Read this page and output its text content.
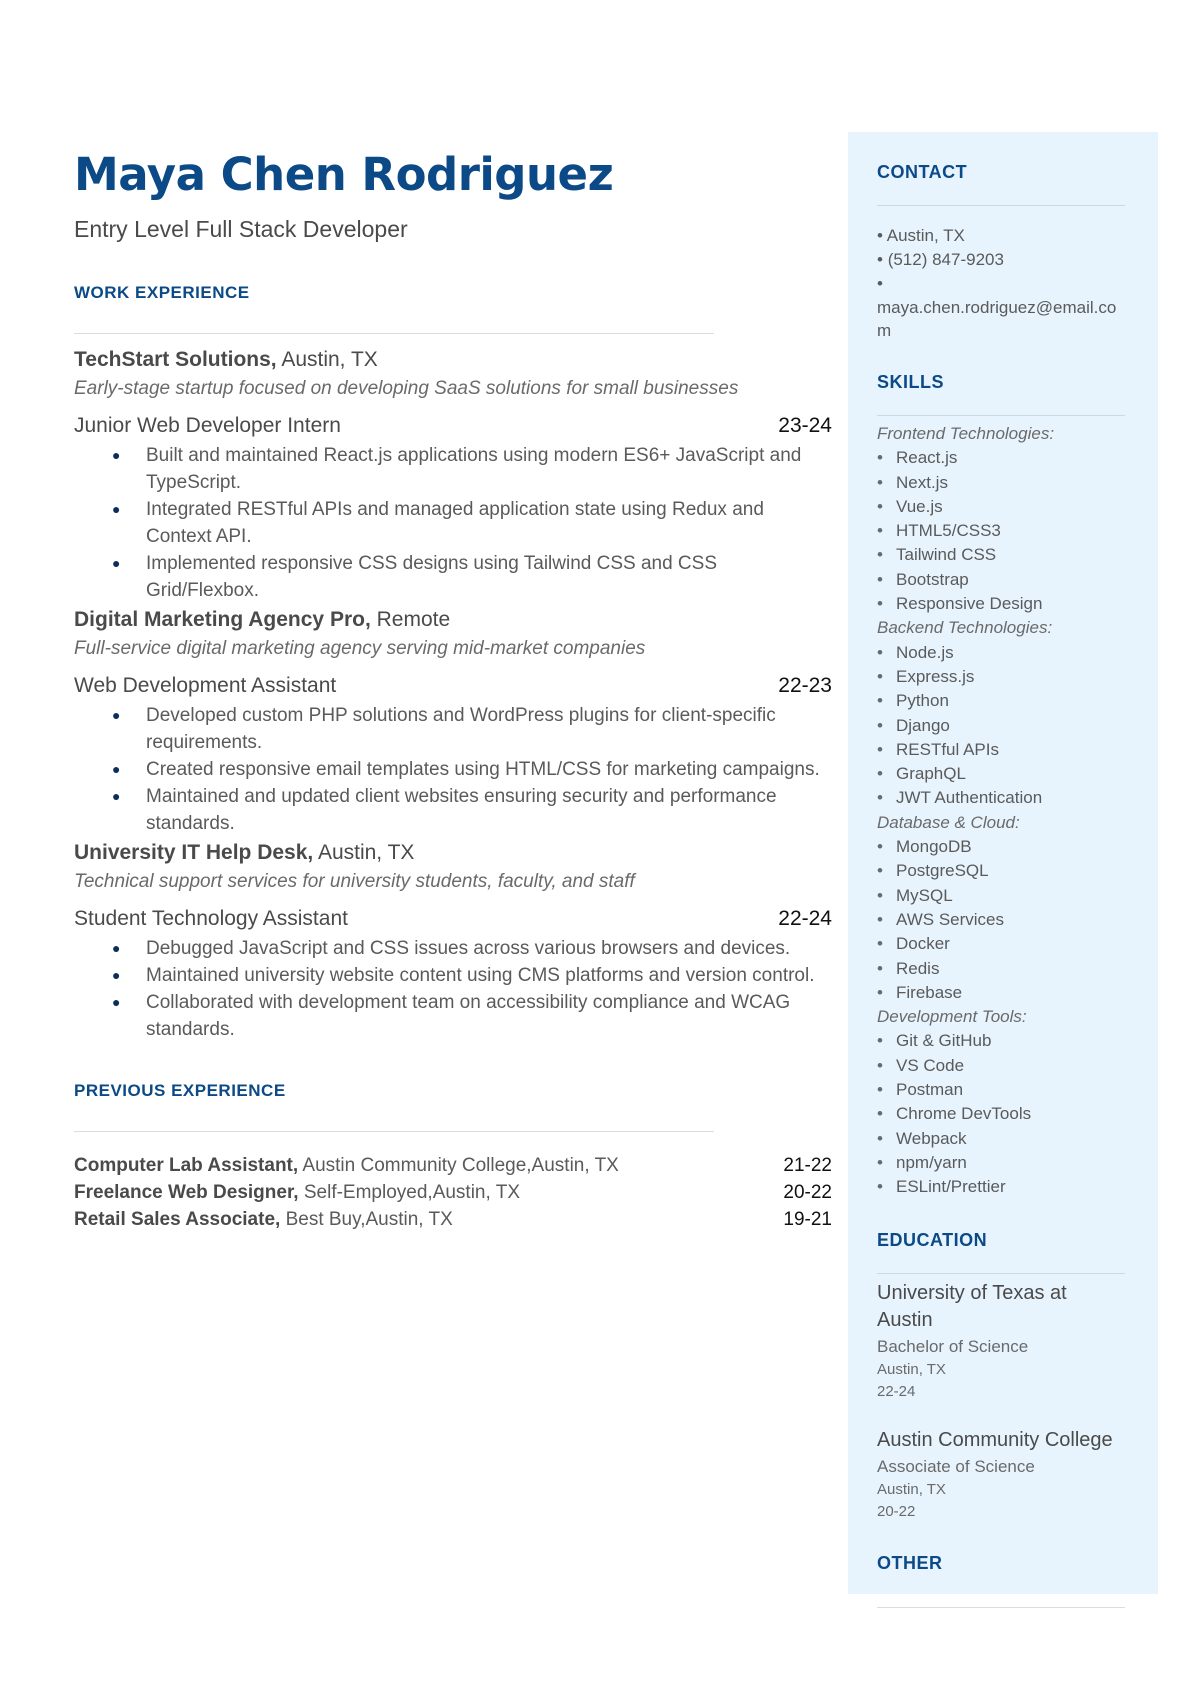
Maya Chen Rodriguez
Entry Level Full Stack Developer
WORK EXPERIENCE
TechStart Solutions, Austin, TX
Early-stage startup focused on developing SaaS solutions for small businesses
Junior Web Developer Intern	23-24
● Built and maintained React.js applications using modern ES6+ JavaScript and TypeScript.
● Integrated RESTful APIs and managed application state using Redux and Context API.
● Implemented responsive CSS designs using Tailwind CSS and CSS Grid/Flexbox.
Digital Marketing Agency Pro, Remote
Full-service digital marketing agency serving mid-market companies
Web Development Assistant	22-23
● Developed custom PHP solutions and WordPress plugins for client-specific requirements.
● Created responsive email templates using HTML/CSS for marketing campaigns.
● Maintained and updated client websites ensuring security and performance standards.
University IT Help Desk, Austin, TX
Technical support services for university students, faculty, and staff
Student Technology Assistant	22-24
● Debugged JavaScript and CSS issues across various browsers and devices.
● Maintained university website content using CMS platforms and version control.
● Collaborated with development team on accessibility compliance and WCAG standards.
PREVIOUS EXPERIENCE
Computer Lab Assistant, Austin Community College,Austin, TX	21-22
Freelance Web Designer, Self-Employed,Austin, TX	20-22
Retail Sales Associate, Best Buy,Austin, TX	19-21
CONTACT
• Austin, TX
• (512) 847-9203
•
maya.chen.rodriguez@email.com
SKILLS
Frontend Technologies:
• React.js
• Next.js
• Vue.js
• HTML5/CSS3
• Tailwind CSS
• Bootstrap
• Responsive Design
Backend Technologies:
• Node.js
• Express.js
• Python
• Django
• RESTful APIs
• GraphQL
• JWT Authentication
Database & Cloud:
• MongoDB
• PostgreSQL
• MySQL
• AWS Services
• Docker
• Redis
• Firebase
Development Tools:
• Git & GitHub
• VS Code
• Postman
• Chrome DevTools
• Webpack
• npm/yarn
• ESLint/Prettier
EDUCATION
University of Texas at Austin
Bachelor of Science
Austin, TX
22-24
Austin Community College
Associate of Science
Austin, TX
20-22
OTHER
